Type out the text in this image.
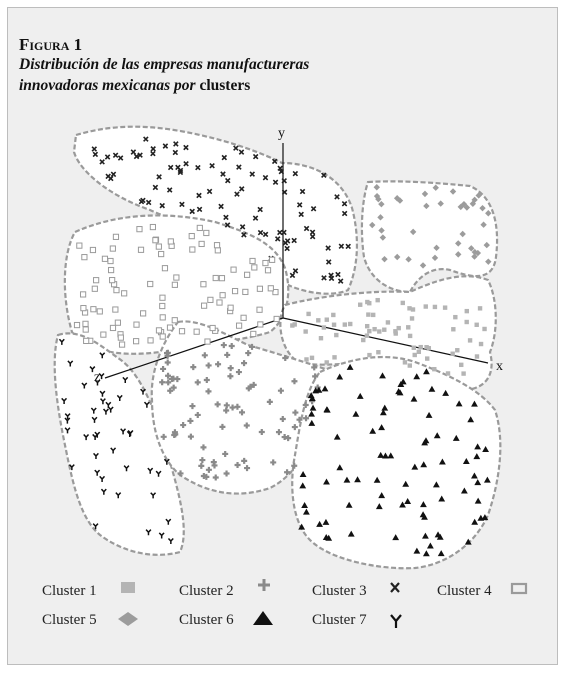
Figura 1
Distribución de las empresas manufactureras
innovadoras mexicanas por clusters
y
x
z
Cluster 1	Cluster 2	Cluster 3	Cluster 4
Cluster 5	Cluster 6	Cluster 7
